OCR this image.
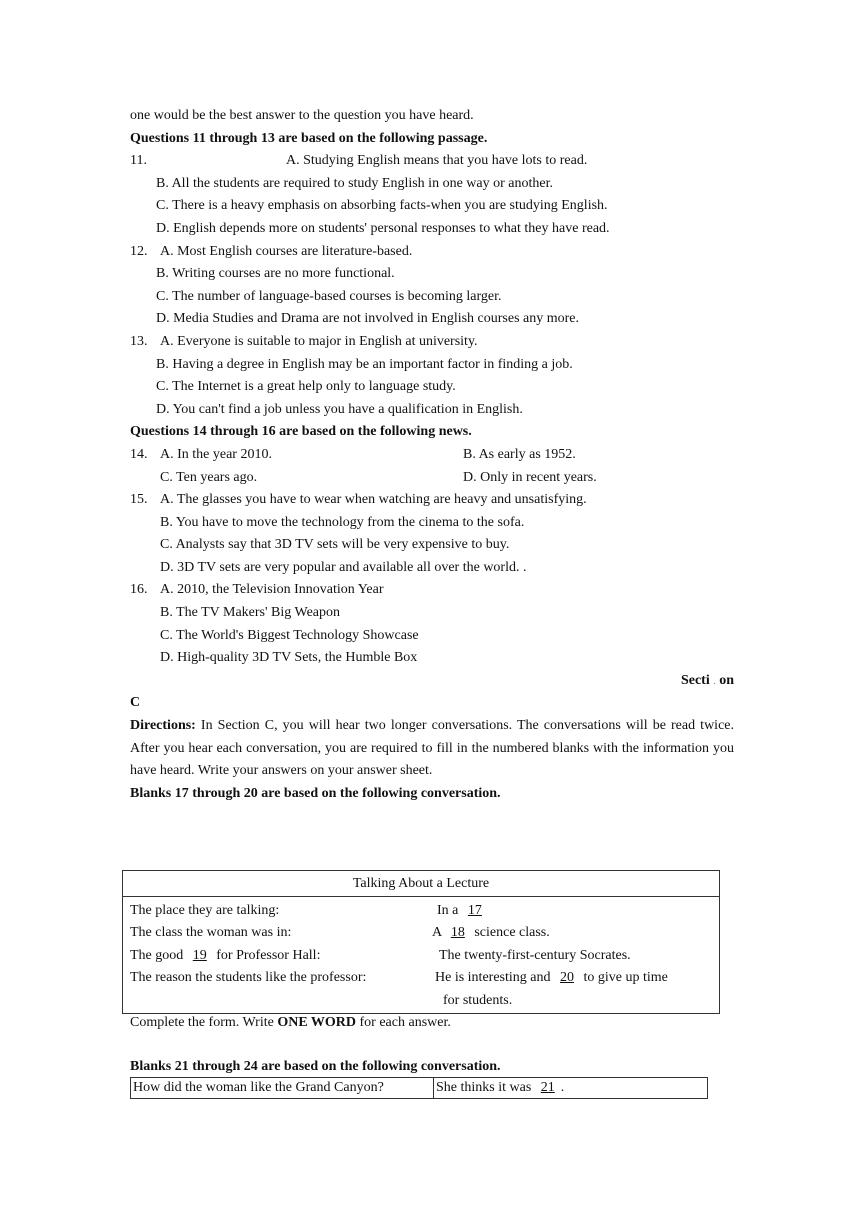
one would be the best answer to the question you have heard.
Questions 11 through 13 are based on the following passage.
11.	A. Studying English means that you have lots to read.
B. All the students are required to study English in one way or another.
C. There is a heavy emphasis on absorbing facts-when you are studying English.
D. English depends more on students' personal responses to what they have read.
12. A. Most English courses are literature-based.
B. Writing courses are no more functional.
C. The number of language-based courses is becoming larger.
D. Media Studies and Drama are not involved in English courses any more.
13. A. Everyone is suitable to major in English at university.
B. Having a degree in English may be an important factor in finding a job.
C. The Internet is a great help only to language study.
D. You can't find a job unless you have a qualification in English.
Questions 14 through 16 are based on the following news.
14. A. In the year 2010.	B. As early as 1952.
C. Ten years ago.	D. Only in recent years.
15. A. The glasses you have to wear when watching are heavy and unsatisfying.
B. You have to move the technology from the cinema to the sofa.
C. Analysts say that 3D TV sets will be very expensive to buy.
D. 3D TV sets are very popular and available all over the world. .
16. A. 2010, the Television Innovation Year
B. The TV Makers' Big Weapon
C. The World's Biggest Technology Showcase
D. High-quality 3D TV Sets, the Humble Box
Secti . on
C
Directions: In Section C, you will hear two longer conversations. The conversations will be read twice. After you hear each conversation, you are required to fill in the numbered blanks with the information you have heard. Write your answers on your answer sheet.
Blanks 17 through 20 are based on the following conversation.
Talking About a Lecture	
The place they are talking:	In a 17
The class the woman was in:	A 18 science class.
The good 19 for Professor Hall:	The twenty-first-century Socrates.
The reason the students like the professor:	He is interesting and 20 to give up time
for students.
Complete the form. Write ONE WORD for each answer.
Blanks 21 through 24 are based on the following conversation.
How did the woman like the Grand Canyon?	She thinks it was 21 .
